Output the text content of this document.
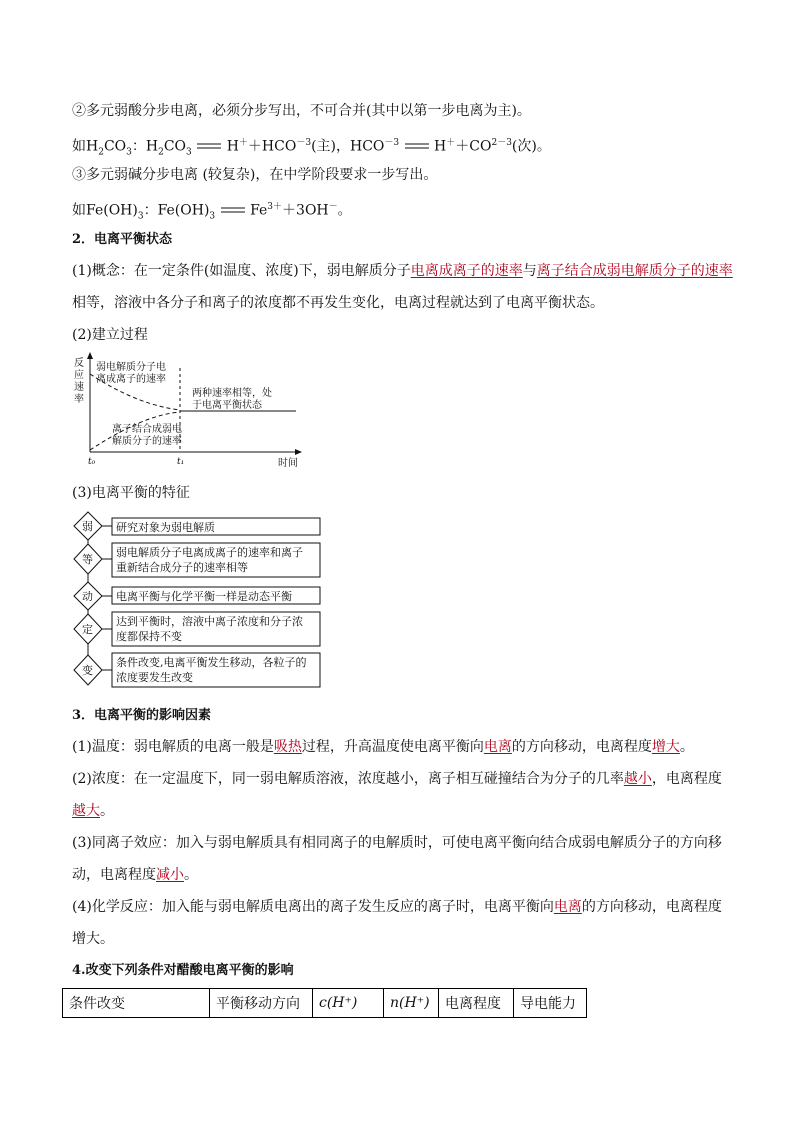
②多元弱酸分步电离，必须分步写出，不可合并(其中以第一步电离为主)。
如$H_2CO_3$：$H_2CO_3$ $H^++HCO^{-3}$(主)，$HCO^{-3}$ $H^++CO^{2-3}$(次)。
③多元弱碱分步电离 (较复杂)，在中学阶段要求一步写出。
如$Fe(OH)_3$：$Fe(OH)_3$ $Fe^{3+}+3OH^-$。
2．电离平衡状态
(1)概念：在一定条件(如温度、浓度)下，弱电解质分子电离成离子的速率与离子结合成弱电解质分子的速率
相等，溶液中各分子和离子的浓度都不再发生变化，电离过程就达到了电离平衡状态。
(2)建立过程
反
应
速
率
弱电解质分子电
离成离子的速率
两种速率相等，处
于电离平衡状态
离子结合成弱电
解质分子的速率
t₀	t₁	时间
(3)电离平衡的特征
弱
等
动
定
变
研究对象为弱电解质
弱电解质分子电离成离子的速率和离子
重新结合成分子的速率相等
电离平衡与化学平衡一样是动态平衡
达到平衡时，溶液中离子浓度和分子浓
度都保持不变
条件改变,电离平衡发生移动，各粒子的
浓度要发生改变
3．电离平衡的影响因素
(1)温度：弱电解质的电离一般是吸热过程，升高温度使电离平衡向电离的方向移动，电离程度增大。
(2)浓度：在一定温度下，同一弱电解质溶液，浓度越小，离子相互碰撞结合为分子的几率越小，电离程度
越大。
(3)同离子效应：加入与弱电解质具有相同离子的电解质时，可使电离平衡向结合成弱电解质分子的方向移
动，电离程度减小。
(4)化学反应：加入能与弱电解质电离出的离子发生反应的离子时，电离平衡向电离的方向移动，电离程度
增大。
4.改变下列条件对醋酸电离平衡的影响
条件改变	平衡移动方向	c(H⁺)	n(H⁺)	电离程度	导电能力
